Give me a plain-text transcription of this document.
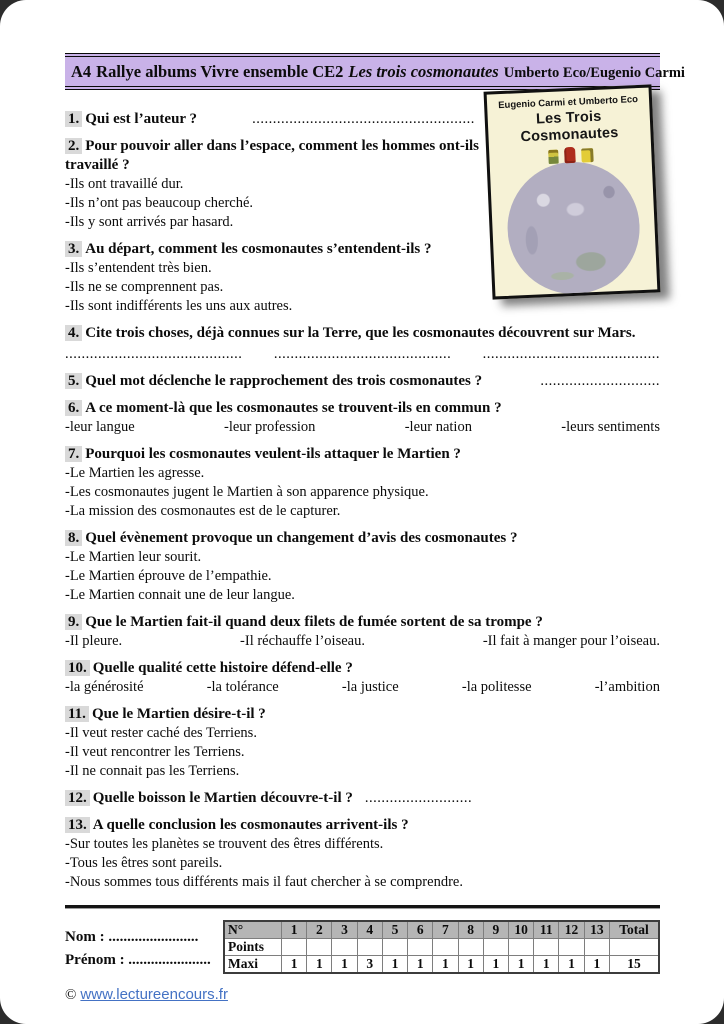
A4 Rallye albums Vivre ensemble CE2 Les trois cosmonautes Umberto Eco/Eugenio Carmi
Eugenio Carmi et Umberto Eco
Les Trois Cosmonautes

1. Qui est l’auteur ?	......................................................

2. Pour pouvoir aller dans l’espace, comment les hommes ont-ils travaillé ?

-Ils ont travaillé dur.

-Ils n’ont pas beaucoup cherché.

-Ils y sont arrivés par hasard.

3. Au départ, comment les cosmonautes s’entendent-ils ?

-Ils s’entendent très bien.

-Ils ne se comprennent pas.

-Ils sont indifférents les uns aux autres.

4. Cite trois choses, déjà connues sur la Terre, que les cosmonautes découvrent sur Mars.

........................................... ........................................... ...........................................

5. Quel mot déclenche le rapprochement des trois cosmonautes ?	.............................

6. A ce moment-là que les cosmonautes se trouvent-ils en commun ?

-leur langue	-leur profession	-leur nation	-leurs sentiments

7. Pourquoi les cosmonautes veulent-ils attaquer le Martien ?

-Le Martien les agresse.

-Les cosmonautes jugent le Martien à son apparence physique.

-La mission des cosmonautes est de le capturer.

8. Quel évènement provoque un changement d’avis des cosmonautes ?

-Le Martien leur sourit.

-Le Martien éprouve de l’empathie.

-Le Martien connait une de leur langue.

9. Que le Martien fait-il quand deux filets de fumée sortent de sa trompe ?

-Il pleure.	-Il réchauffe l’oiseau.	-Il fait à manger pour l’oiseau.

10. Quelle qualité cette histoire défend-elle ?

-la générosité	-la tolérance	-la justice	-la politesse	-l’ambition

11. Que le Martien désire-t-il ?

-Il veut rester caché des Terriens.

-Il veut rencontrer les Terriens.

-Il ne connait pas les Terriens.

12. Quelle boisson le Martien découvre-t-il ? ..........................

13. A quelle conclusion les cosmonautes arrivent-ils ?

-Sur toutes les planètes se trouvent des êtres différents.

-Tous les êtres sont pareils.

-Nous sommes tous différents mais il faut chercher à se comprendre.

Nom : ........................

Prénom : ......................

N°	1	2	3	4	5	6	7	8	9	10	11	12	13	Total
Points														
Maxi	1	1	1	3	1	1	1	1	1	1	1	1	1	15
© www.lectureencours.fr
